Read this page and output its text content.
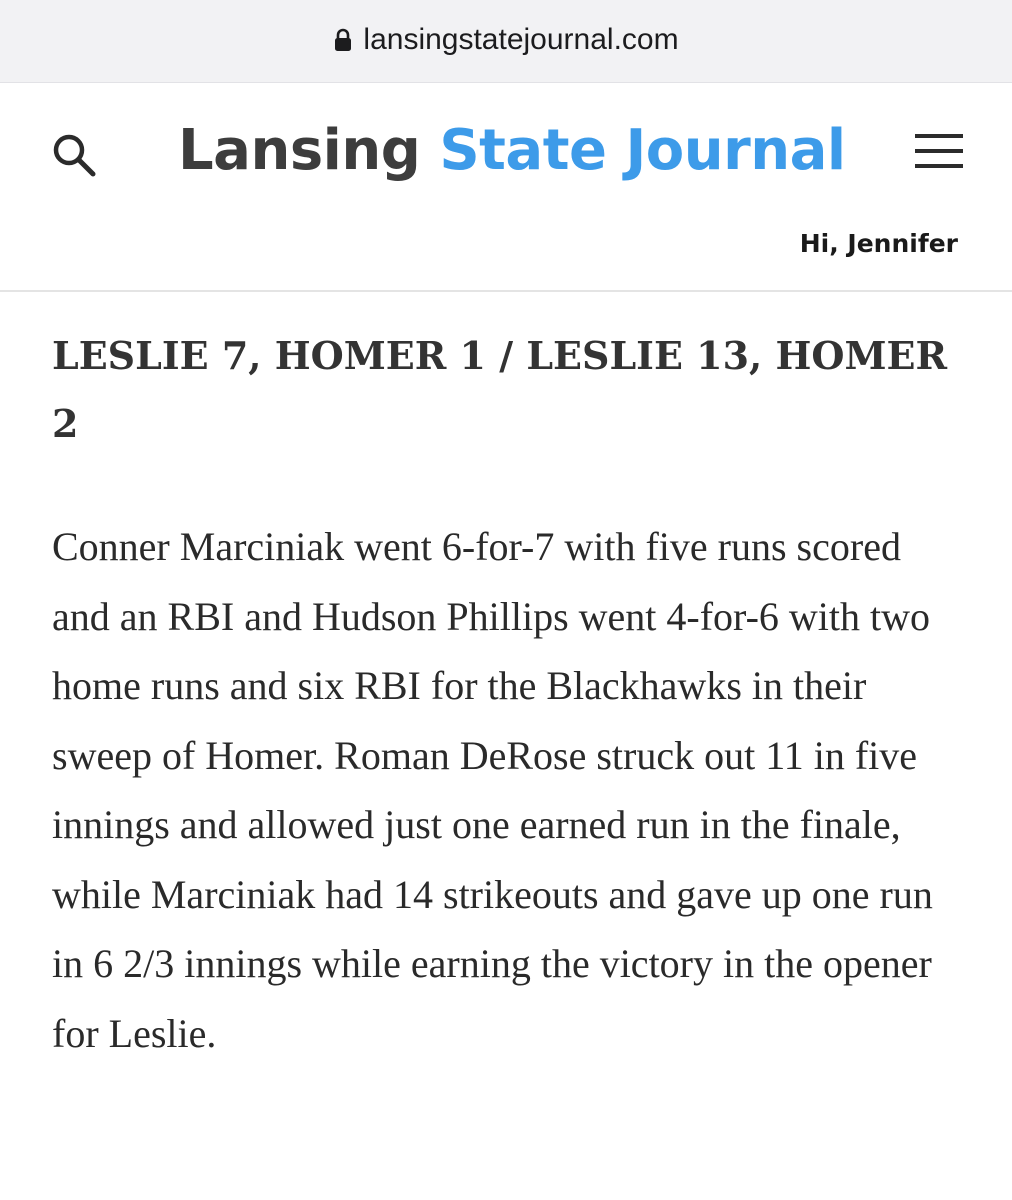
lansingstatejournal.com
Lansing State Journal
Hi, Jennifer
LESLIE 7, HOMER 1 / LESLIE 13, HOMER 2

Conner Marciniak went 6-for-7 with five runs scored and an RBI and Hudson Phillips went 4-for-6 with two home runs and six RBI for the Blackhawks in their sweep of Homer. Roman DeRose struck out 11 in five innings and allowed just one earned run in the finale, while Marciniak had 14 strikeouts and gave up one run in 6 2/3 innings while earning the victory in the opener for Leslie.
